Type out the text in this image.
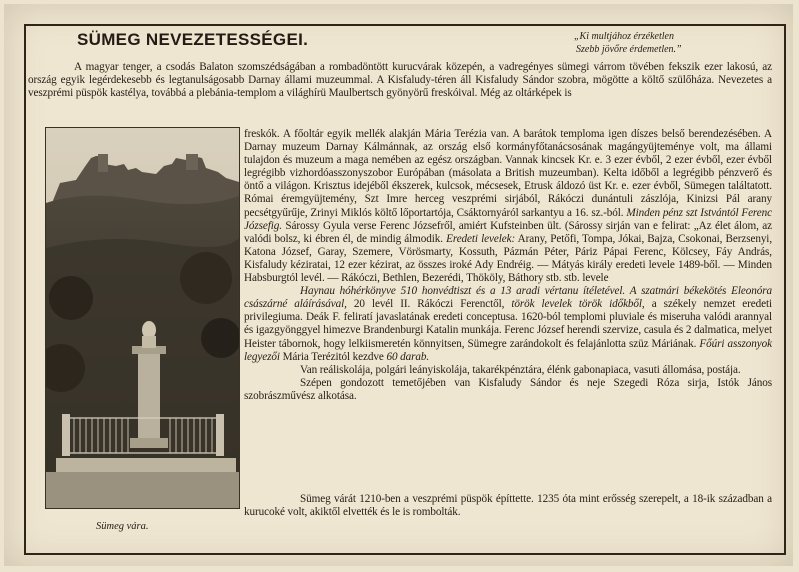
SÜMEG NEVEZETESSÉGEI.	„Ki multjához érzéketlen
Szebb jövőre érdemetlen.”
A magyar tenger, a csodás Balaton szomszédságában a rombadöntött kurucvárak közepén, a vadregényes sümegi várrom tövében fekszik ezer lakosú, az ország egyik legérdekesebb és legtanulságosabb Darnay állami muzeummal. A Kisfaludy-téren áll Kisfaludy Sándor szobra, mögötte a költő szülőháza. Nevezetes a veszprémi püspök kastélya, továbbá a plebánia-templom a világhírü Maulbertsch gyönyörű freskóival. Még az oltárképek is
Sümeg vára.

freskók. A főoltár egyik mellék alakján Mária Terézia van. A barátok temploma igen díszes belső berendezésében. A Darnay muzeum Darnay Kálmánnak, az ország első kormányfőtanácsosának magángyüjteménye volt, ma állami tulajdon és muzeum a maga nemében az egész országban. Vannak kincsek Kr. e. 3 ezer évből, 2 ezer évből, ezer évből legrégibb vizhordóasszonyszobor Európában (másolata a British muzeumban). Kelta időből a legrégibb pénzverő és öntő a világon. Krisztus idejéből ékszerek, kulcsok, mécsesek, Etrusk áldozó üst Kr. e. ezer évből, Sümegen találtatott. Római éremgyüjtemény, Szt Imre herceg veszprémi sirjából, Rákóczi dunántuli zászlója, Kinizsi Pál arany pecsétgyűrűje, Zrinyi Miklós költő lőportartója, Csáktornyáról sarkantyu a 16. sz.-ból. Minden pénz szt Istvántól Ferenc Józsefig. Sárossy Gyula verse Ferenc Józsefről, amiért Kufsteinben ült. (Sárossy sirján van e felirat: „Az élet álom, az valódi bolsz, ki ébren él, de mindig álmodik. Eredeti levelek: Arany, Petőfi, Tompa, Jókai, Bajza, Csokonai, Berzsenyi, Katona József, Garay, Szemere, Vörösmarty, Kossuth, Pázmán Péter, Páriz Pápai Ferenc, Kölcsey, Fáy András, Kisfaludy kéziratai, 12 ezer kézirat, az összes iroké Ady Endréig. — Mátyás király eredeti levele 1489-ből. — Minden Habsburgtól levél. — Rákóczi, Bethlen, Bezerédi, Thököly, Báthory stb. stb. levele

Haynau hóhérkönyve 510 honvédtiszt és a 13 aradi vértanu ítéletével. A szatmári békekötés Eleonóra császárné aláírásával, 20 levél II. Rákóczi Ferenctől, török levelek török időkből, a székely nemzet eredeti privilegiuma. Deák F. feliratí javaslatának eredeti conceptusa. 1620-ból templomi pluviale és miseruha valódi arannyal és igazgyönggyel himezve Brandenburgi Katalin munkája. Ferenc József herendi szervize, casula és 2 dalmatica, melyet Heister tábornok, hogy lelkiismeretén könnyitsen, Sümegre zarándokolt és felajánlotta szüz Máriának. Főúri asszonyok legyezői Mária Terézitól kezdve 60 darab.

Van reáliskolája, polgári leányiskolája, takarékpénztára, élénk gabonapiaca, vasuti állomása, postája.

Szépen gondozott temetőjében van Kisfaludy Sándor és neje Szegedi Róza sirja, Istók János szobrászművész alkotása.

Sümeg várát 1210-ben a veszprémi püspök építtette. 1235 óta mint erősség szerepelt, a 18-ik században a kurucoké volt, akiktől elvették és le is rombolták.
